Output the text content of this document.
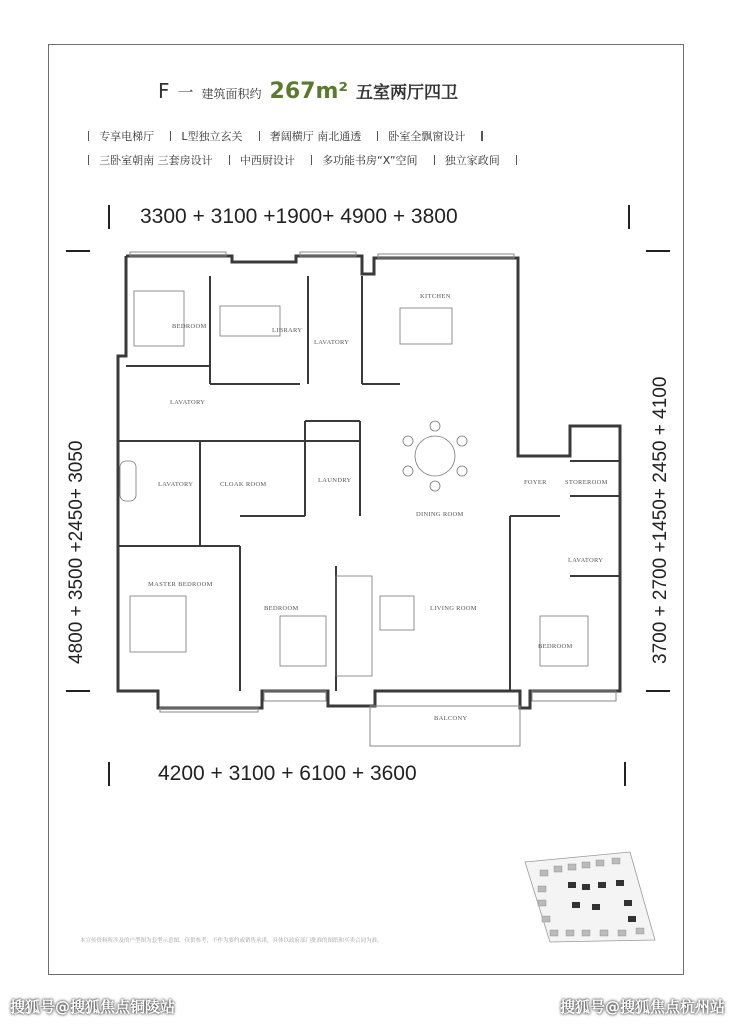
F 一 建筑面积约 267m² 五室两厅四卫
专享电梯厅 L型独立玄关 奢阔横厅 南北通透 卧室全飘窗设计
三卧室朝南 三套房设计 中西厨设计 多功能书房“X”空间 独立家政间
3300 + 3100 +1900+ 4900 + 3800
4200 + 3100 + 6100 + 3600
4800 + 3500 +2450+ 3050	3700 + 2700 +1450+ 2450 + 4100
BEDROOM
LIBRARY
LAVATORY
KITCHEN
LAVATORY
LAVATORY	CLOAK ROOM
LAUNDRY
DINING ROOM
FOYER	STOREROOM
LAVATORY
MASTER BEDROOM
BEDROOM	LIVING ROOM
BEDROOM
BALCONY
本宣传资料所涉及的户型图为套型示意图，仅供参考，不作为要约或销售承诺，具体以政府部门批准的图纸和买卖合同为准。
搜狐号@搜狐焦点铜陵站	搜狐号@搜狐焦点杭州站
